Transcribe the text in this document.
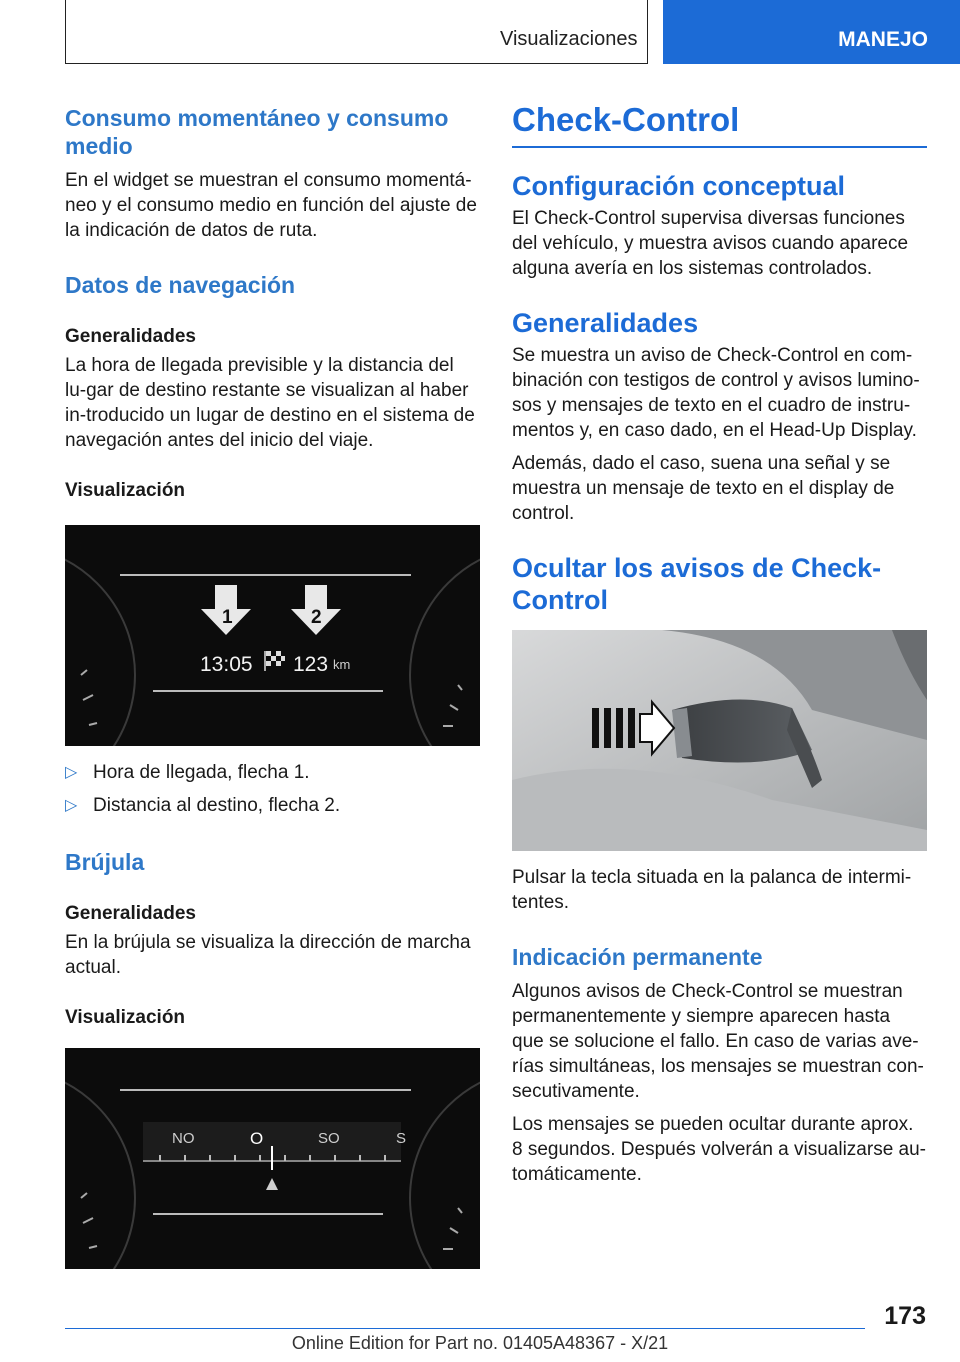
Visualizaciones	MANEJO
Consumo momentáneo y consumo medio

En el widget se muestran el consumo momentá-neo y el consumo medio en función del ajuste de la indicación de datos de ruta.

Datos de navegación
Generalidades

La hora de llegada previsible y la distancia del lu-gar de destino restante se visualizan al haber in-troducido un lugar de destino en el sistema de navegación antes del inicio del viaje.

Visualización
1	2
13:05 123 km
▷ Hora de llegada, flecha 1.
▷ Distancia al destino, flecha 2.
Brújula
Generalidades

En la brújula se visualiza la dirección de marcha actual.

Visualización
NO	O	SO	S
Check-Control
Configuración conceptual

El Check-Control supervisa diversas funciones del vehículo, y muestra avisos cuando aparece alguna avería en los sistemas controlados.

Generalidades

Se muestra un aviso de Check-Control en com-binación con testigos de control y avisos lumino-sos y mensajes de texto en el cuadro de instru-mentos y, en caso dado, en el Head-Up Display.

Además, dado el caso, suena una señal y se muestra un mensaje de texto en el display de control.

Ocultar los avisos de Check-Control

Pulsar la tecla situada en la palanca de intermi-tentes.

Indicación permanente

Algunos avisos de Check-Control se muestran permanentemente y siempre aparecen hasta que se solucione el fallo. En caso de varias ave-rías simultáneas, los mensajes se muestran con-secutivamente.

Los mensajes se pueden ocultar durante aprox. 8 segundos. Después volverán a visualizarse au-tomáticamente.

173
Online Edition for Part no. 01405A48367 - X/21
